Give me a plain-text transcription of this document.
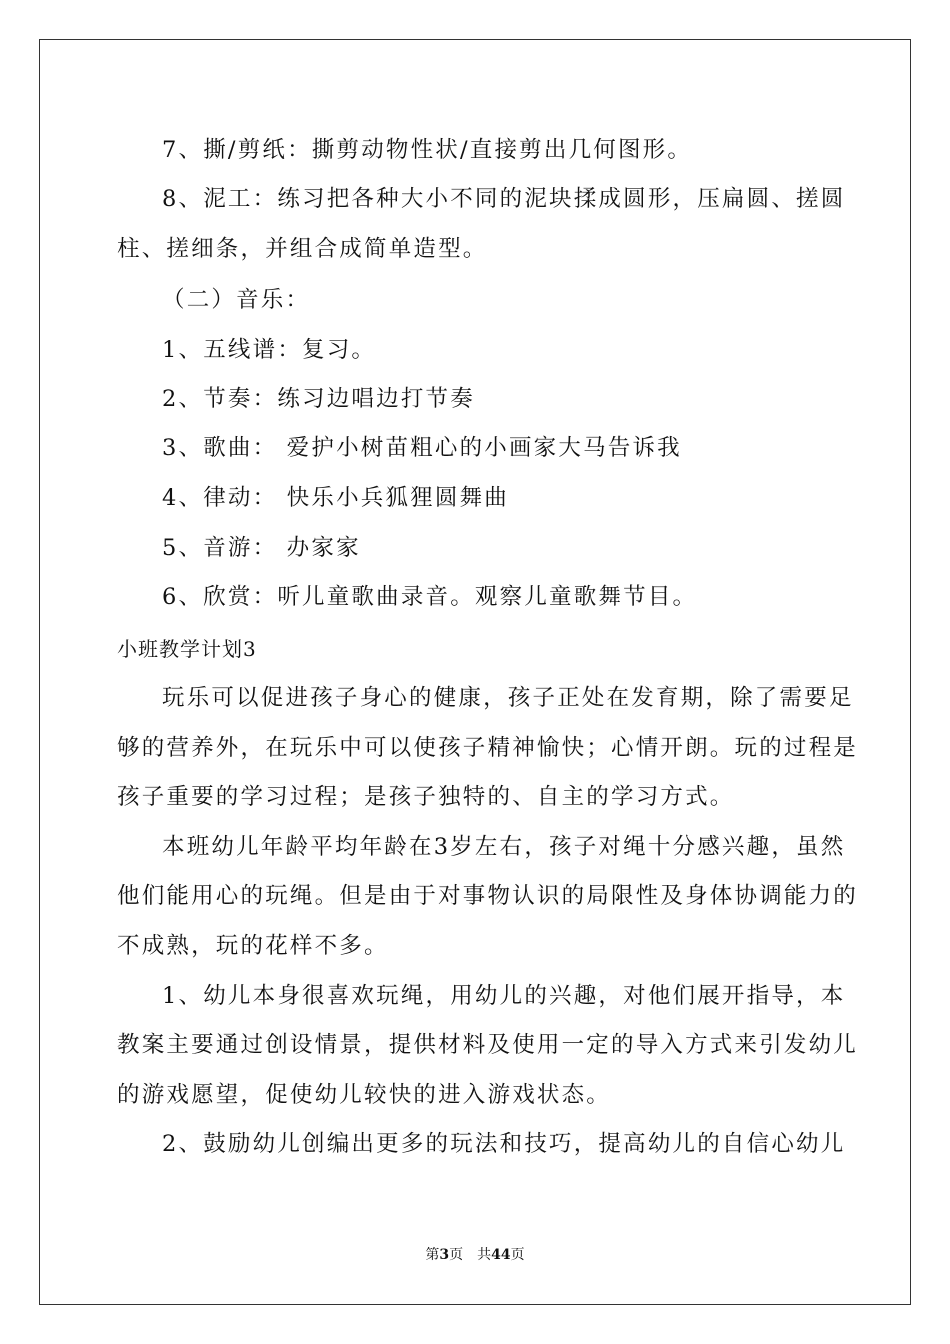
7、撕/剪纸：撕剪动物性状/直接剪出几何图形。
8、泥工：练习把各种大小不同的泥块揉成圆形，压扁圆、搓圆
柱、搓细条，并组合成简单造型。
（二）音乐：
1、五线谱：复习。
2、节奏：练习边唱边打节奏
3、歌曲： 爱护小树苗粗心的小画家大马告诉我
4、律动： 快乐小兵狐狸圆舞曲
5、音游： 办家家
6、欣赏：听儿童歌曲录音。观察儿童歌舞节目。
小班教学计划3
玩乐可以促进孩子身心的健康，孩子正处在发育期，除了需要足
够的营养外，在玩乐中可以使孩子精神愉快；心情开朗。玩的过程是
孩子重要的学习过程；是孩子独特的、自主的学习方式。
本班幼儿年龄平均年龄在3岁左右，孩子对绳十分感兴趣，虽然
他们能用心的玩绳。但是由于对事物认识的局限性及身体协调能力的
不成熟，玩的花样不多。
1、幼儿本身很喜欢玩绳，用幼儿的兴趣，对他们展开指导，本
教案主要通过创设情景，提供材料及使用一定的导入方式来引发幼儿
的游戏愿望，促使幼儿较快的进入游戏状态。
2、鼓励幼儿创编出更多的玩法和技巧，提高幼儿的自信心幼儿
第3页　共44页
